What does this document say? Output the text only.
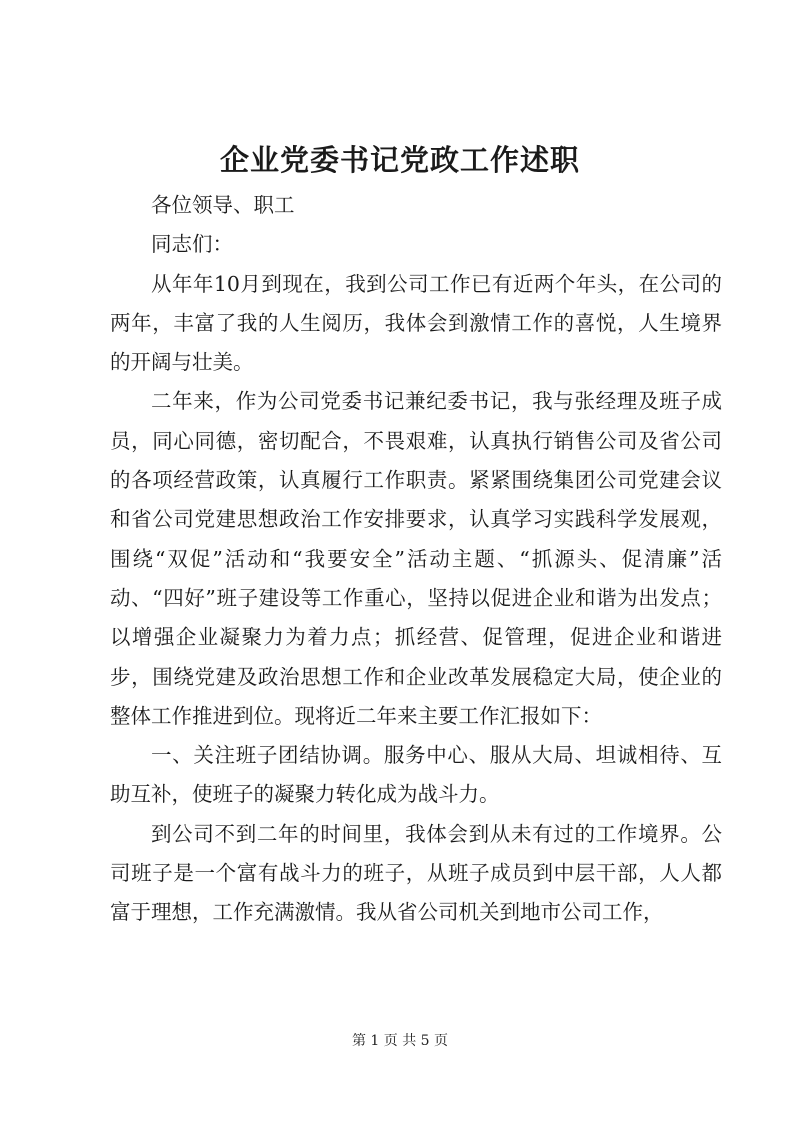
企业党委书记党政工作述职

各位领导、职工

同志们：

从年年10月到现在，我到公司工作已有近两个年头，在公司的两年，丰富了我的人生阅历，我体会到激情工作的喜悦，人生境界的开阔与壮美。

二年来，作为公司党委书记兼纪委书记，我与张经理及班子成员，同心同德，密切配合，不畏艰难，认真执行销售公司及省公司的各项经营政策，认真履行工作职责。紧紧围绕集团公司党建会议和省公司党建思想政治工作安排要求，认真学习实践科学发展观，围绕“双促”活动和“我要安全”活动主题、“抓源头、促清廉”活动、“四好”班子建设等工作重心，坚持以促进企业和谐为出发点；以增强企业凝聚力为着力点；抓经营、促管理，促进企业和谐进步，围绕党建及政治思想工作和企业改革发展稳定大局，使企业的整体工作推进到位。现将近二年来主要工作汇报如下：

一、关注班子团结协调。服务中心、服从大局、坦诚相待、互助互补，使班子的凝聚力转化成为战斗力。

到公司不到二年的时间里，我体会到从未有过的工作境界。公司班子是一个富有战斗力的班子，从班子成员到中层干部，人人都富于理想，工作充满激情。我从省公司机关到地市公司工作，

第 1 页 共 5 页
